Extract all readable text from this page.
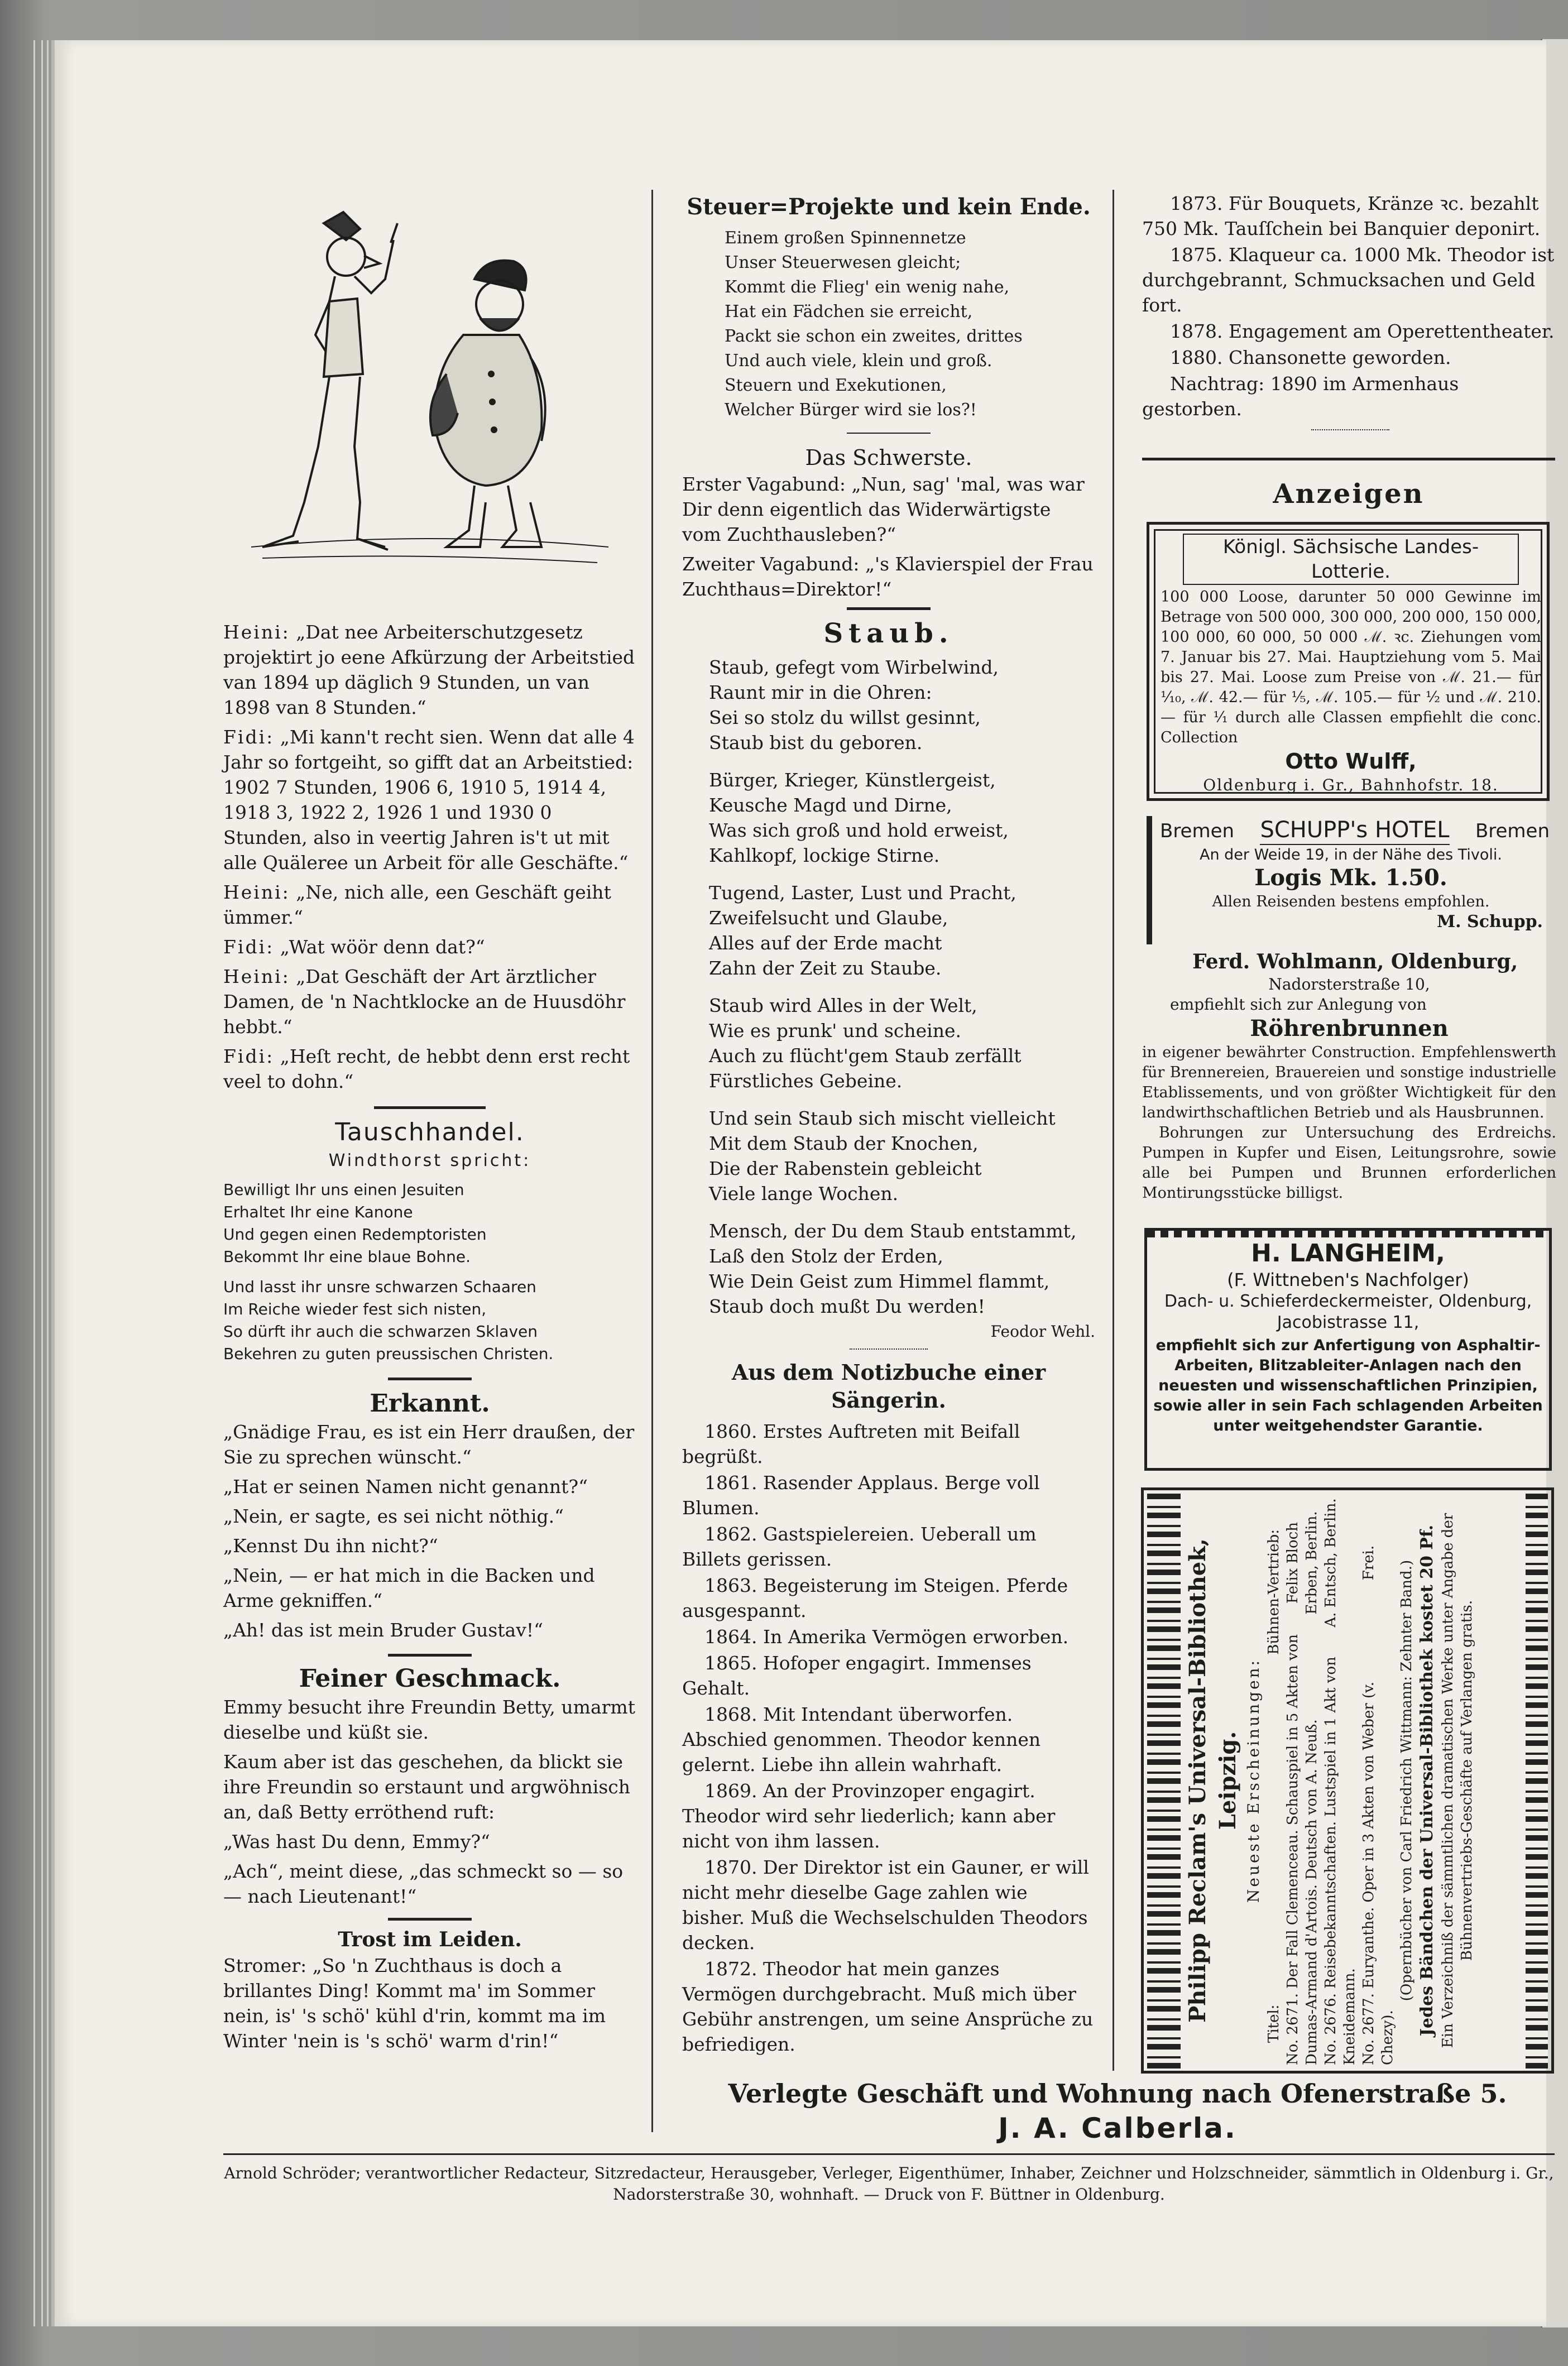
Heini: „Dat nee Arbeiterschutzgesetz projektirt jo eene Afkürzung der Arbeitstied van 1894 up däglich 9 Stunden, un van 1898 van 8 Stunden.“

Fidi: „Mi kann't recht sien. Wenn dat alle 4 Jahr so fortgeiht, so gifft dat an Arbeitstied: 1902 7 Stunden, 1906 6, 1910 5, 1914 4, 1918 3, 1922 2, 1926 1 und 1930 0 Stunden, also in veertig Jahren is't ut mit alle Quäleree un Arbeit för alle Geschäfte.“

Heini: „Ne, nich alle, een Geschäft geiht ümmer.“

Fidi: „Wat wöör denn dat?“

Heini: „Dat Geschäft der Art ärztlicher Damen, de 'n Nachtklocke an de Huusdöhr hebbt.“

Fidi: „Heſt recht, de hebbt denn erst recht veel to dohn.“

Tauschhandel.
Windthorst spricht:
Bewilligt Ihr uns einen Jesuiten
Erhaltet Ihr eine Kanone
Und gegen einen Redemptoristen
Bekommt Ihr eine blaue Bohne.
Und lasst ihr unsre schwarzen Schaaren
Im Reiche wieder fest sich nisten,
So dürft ihr auch die schwarzen Sklaven
Bekehren zu guten preussischen Christen.
Erkannt.

„Gnädige Frau, es ist ein Herr draußen, der Sie zu sprechen wünscht.“

„Hat er seinen Namen nicht genannt?“

„Nein, er sagte, es sei nicht nöthig.“

„Kennst Du ihn nicht?“

„Nein, — er hat mich in die Backen und Arme gekniffen.“

„Ah! das ist mein Bruder Gustav!“

Feiner Geschmack.

Emmy besucht ihre Freundin Betty, umarmt dieselbe und küßt sie.

Kaum aber ist das geschehen, da blickt sie ihre Freundin so erstaunt und argwöhnisch an, daß Betty erröthend ruft:

„Was hast Du denn, Emmy?“

„Ach“, meint diese, „das schmeckt so — so — nach Lieutenant!“

Trost im Leiden.

Stromer: „So 'n Zuchthaus is doch a brillantes Ding! Kommt ma' im Sommer nein, is' 's schö' kühl d'rin, kommt ma im Winter 'nein is 's schö' warm d'rin!“

Steuer=Projekte und kein Ende.
Einem großen Spinnennetze
Unser Steuerwesen gleicht;
Kommt die Flieg' ein wenig nahe,
Hat ein Fädchen sie erreicht,
Packt sie schon ein zweites, drittes
Und auch viele, klein und groß.
Steuern und Exekutionen,
Welcher Bürger wird sie los?!
Das Schwerste.

Erster Vagabund: „Nun, sag' 'mal, was war Dir denn eigentlich das Widerwärtigste vom Zuchthausleben?“

Zweiter Vagabund: „'s Klavierspiel der Frau Zuchthaus=Direktor!“

Staub.
Staub, gefegt vom Wirbelwind,
Raunt mir in die Ohren:
Sei so stolz du willst gesinnt,
Staub bist du geboren.
Bürger, Krieger, Künstlergeist,
Keusche Magd und Dirne,
Was sich groß und hold erweist,
Kahlkopf, lockige Stirne.
Tugend, Laster, Lust und Pracht,
Zweifelsucht und Glaube,
Alles auf der Erde macht
Zahn der Zeit zu Staube.
Staub wird Alles in der Welt,
Wie es prunk' und scheine.
Auch zu flücht'gem Staub zerfällt
Fürstliches Gebeine.
Und sein Staub sich mischt vielleicht
Mit dem Staub der Knochen,
Die der Rabenstein gebleicht
Viele lange Wochen.
Mensch, der Du dem Staub entstammt,
Laß den Stolz der Erden,
Wie Dein Geist zum Himmel flammt,
Staub doch mußt Du werden!
Feodor Wehl.
Aus dem Notizbuche einer Sängerin.

1860. Erstes Auftreten mit Beifall begrüßt.

1861. Rasender Applaus. Berge voll Blumen.

1862. Gastspielereien. Ueberall um Billets gerissen.

1863. Begeisterung im Steigen. Pferde ausgespannt.

1864. In Amerika Vermögen erworben.

1865. Hofoper engagirt. Immenses Gehalt.

1868. Mit Intendant überworfen. Abschied genommen. Theodor kennen gelernt. Liebe ihn allein wahrhaft.

1869. An der Provinzoper engagirt. Theodor wird sehr liederlich; kann aber nicht von ihm lassen.

1870. Der Direktor ist ein Gauner, er will nicht mehr dieselbe Gage zahlen wie bisher. Muß die Wechselschulden Theodors decken.

1872. Theodor hat mein ganzes Vermögen durchgebracht. Muß mich über Gebühr anstrengen, um seine Ansprüche zu befriedigen.

1873. Für Bouquets, Kränze ꝛc. bezahlt 750 Mk. Tauſſchein bei Banquier deponirt.

1875. Klaqueur ca. 1000 Mk. Theodor ist durchgebrannt, Schmucksachen und Geld fort.

1878. Engagement am Operettentheater.

1880. Chansonette geworden.

Nachtrag: 1890 im Armenhaus gestorben.

Anzeigen
Königl. Sächsische Landes-Lotterie.
100 000 Loose, darunter 50 000 Gewinne im Betrage von 500 000, 300 000, 200 000, 150 000, 100 000, 60 000, 50 000 ℳ. ꝛc. Ziehungen vom 7. Januar bis 27. Mai. Hauptziehung vom 5. Mai bis 27. Mai. Loose zum Preise von ℳ. 21.— für ¹⁄₁₀, ℳ. 42.— für ¹⁄₅, ℳ. 105.— für ¹⁄₂ und ℳ. 210.— für ¹⁄₁ durch alle Classen empfiehlt die conc. Collection
Otto Wulff,
Oldenburg i. Gr., Bahnhofstr. 18.
Bremen SCHUPP's HOTEL Bremen
An der Weide 19, in der Nähe des Tivoli.
Logis Mk. 1.50.
Allen Reisenden bestens empfohlen.
M. Schupp.
Ferd. Wohlmann, Oldenburg,
Nadorsterstraße 10,
empfiehlt sich zur Anlegung von
Röhrenbrunnen
in eigener bewährter Construction. Empfehlenswerth für Brennereien, Brauereien und sonstige industrielle Etablissements, und von größter Wichtigkeit für den landwirthschaftlichen Betrieb und als Hausbrunnen.
Bohrungen zur Untersuchung des Erdreichs. Pumpen in Kupfer und Eisen, Leitungsrohre, sowie alle bei Pumpen und Brunnen erforderlichen Montirungsstücke billigst.
H. LANGHEIM,
(F. Wittneben's Nachfolger)
Dach- u. Schieferdeckermeister, Oldenburg,
Jacobistrasse 11,
empfiehlt sich zur Anfertigung von Asphaltir-Arbeiten, Blitzableiter-Anlagen nach den neuesten und wissenschaftlichen Prinzipien, sowie aller in sein Fach schlagenden Arbeiten unter weitgehendster Garantie.
Philipp Reclam's Universal-Bibliothek, Leipzig. Neueste Erscheinungen:
Titel:
Bühnen-Vertrieb:
No. 2671. Der Fall Clemenceau. Schauspiel in 5 Akten von Dumas-Armand d'Artois. Deutsch von A. Neuß.
Felix Bloch Erben, Berlin.
No. 2676. Reisebekanntschaften. Lustspiel in 1 Akt von Kneidemann.
A. Entsch, Berlin.
No. 2677. Euryanthe. Oper in 3 Akten von Weber (v. Chezy).
Frei.	(Opernbücher von Carl Friedrich Wittmann: Zehnter Band.) Jedes Bändchen der Universal-Bibliothek kostet 20 Pf. Ein Verzeichniß der sämmtlichen dramatischen Werke unter Angabe der Bühnenvertriebs-Geschäfte auf Verlangen gratis.
Verlegte Geschäft und Wohnung nach Ofenerstraße 5.
J. A. Calberla.
Arnold Schröder; verantwortlicher Redacteur, Sitzredacteur, Herausgeber, Verleger, Eigenthümer, Inhaber, Zeichner und Holzschneider, sämmtlich in Oldenburg i. Gr.,
Nadorsterstraße 30, wohnhaft. — Druck von F. Büttner in Oldenburg.
